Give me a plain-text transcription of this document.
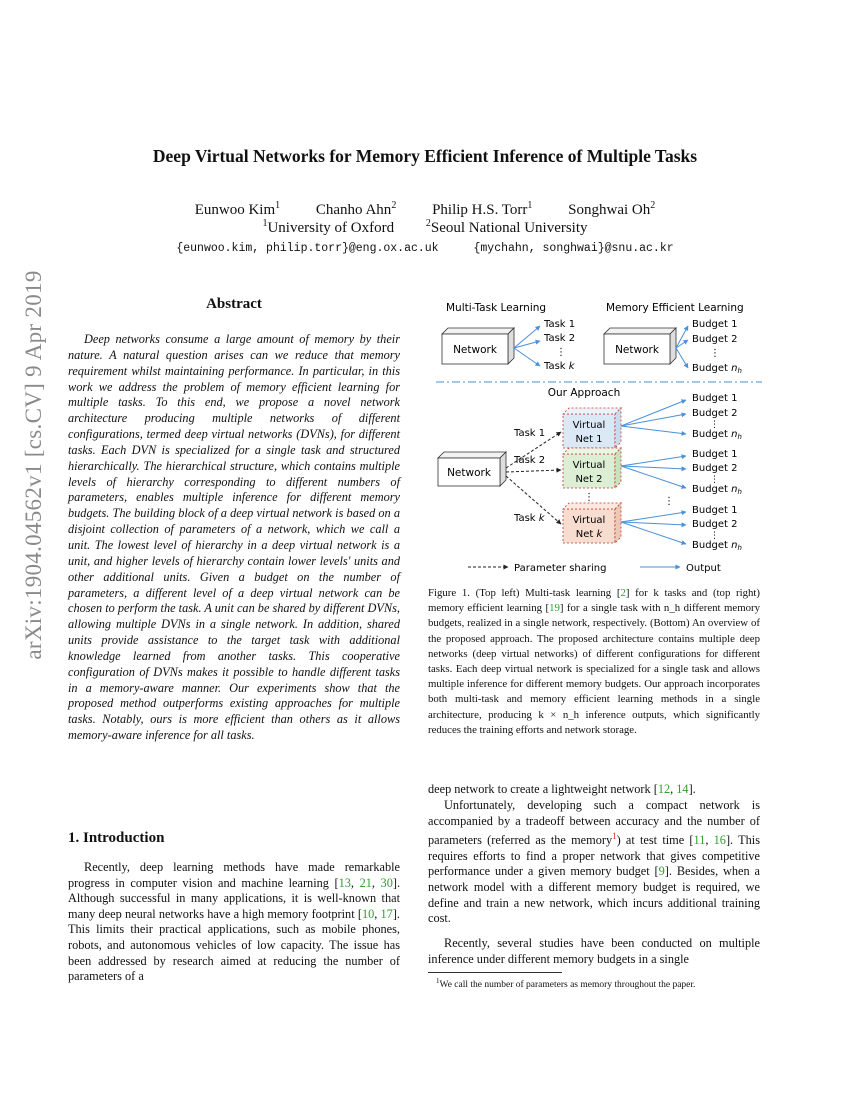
arXiv:1904.04562v1 [cs.CV] 9 Apr 2019
Deep Virtual Networks for Memory Efficient Inference of Multiple Tasks
Eunwoo Kim$^1$ Chanho Ahn$^2$ Philip H.S. Torr$^1$ Songhwai Oh$^2$
$^1$University of Oxford	$^2$Seoul National University
{eunwoo.kim, philip.torr}@eng.ox.ac.uk	{mychahn, songhwai}@snu.ac.kr
Abstract
Deep networks consume a large amount of memory by their nature. A natural question arises can we reduce that memory requirement whilst maintaining performance. In particular, in this work we address the problem of memory efficient learning for multiple tasks. To this end, we propose a novel network architecture producing multiple networks of different configurations, termed deep virtual networks (DVNs), for different tasks. Each DVN is specialized for a single task and structured hierarchically. The hierarchical structure, which contains multiple levels of hierarchy corresponding to different numbers of parameters, enables multiple inference for different memory budgets. The building block of a deep virtual network is based on a disjoint collection of parameters of a network, which we call a unit. The lowest level of hierarchy in a deep virtual network is a unit, and higher levels of hierarchy contain lower levels' units and other additional units. Given a budget on the number of parameters, a different level of a deep virtual network can be chosen to perform the task. A unit can be shared by different DVNs, allowing multiple DVNs in a single network. In addition, shared units provide assistance to the target task with additional knowledge learned from another tasks. This cooperative configuration of DVNs makes it possible to handle different tasks in a memory-aware manner. Our experiments show that the proposed method outperforms existing approaches for multiple tasks. Notably, ours is more efficient than others as it allows memory-aware inference for all tasks.
1. Introduction
Recently, deep learning methods have made remarkable progress in computer vision and machine learning [13, 21, 30]. Although successful in many applications, it is well-known that many deep neural networks have a high memory footprint [10, 17]. This limits their practical applications, such as mobile phones, robots, and autonomous vehicles of low capacity. The issue has been addressed by research aimed at reducing the number of parameters of a
Multi-Task Learning
Network
Task 1
Task 2
⋮
Task k
Memory Efficient Learning
Network
Budget 1
Budget 2
⋮
Budget $n_h$
Our Approach
Network
Virtual
Net 1
Virtual
Net 2
⋮
Virtual
Net k
Task 1
Task 2
Task k
Budget 1
Budget 2
⋮
Budget $n_h$
Budget 1
Budget 2
⋮
Budget $n_h$
⋮
Budget 1
Budget 2
⋮
Budget $n_h$
Parameter sharing	Output
Figure 1. (Top left) Multi-task learning [2] for k tasks and (top right) memory efficient learning [19] for a single task with n_h different memory budgets, realized in a single network, respectively. (Bottom) An overview of the proposed approach. The proposed architecture contains multiple deep networks (deep virtual networks) of different configurations for different tasks. Each deep virtual network is specialized for a single task and allows multiple inference for different memory budgets. Our approach incorporates both multi-task and memory efficient learning methods in a single architecture, producing k × n_h inference outputs, which significantly reduces the training efforts and network storage.
deep network to create a lightweight network [12, 14].
Unfortunately, developing such a compact network is accompanied by a tradeoff between accuracy and the number of parameters (referred as the memory$^1$) at test time [11, 16]. This requires efforts to find a proper network that gives competitive performance under a given memory budget [9]. Besides, when a network model with a different memory budget is required, we define and train a new network, which incurs additional training cost.
Recently, several studies have been conducted on multiple inference under different memory budgets in a single
$^1$We call the number of parameters as memory throughout the paper.
